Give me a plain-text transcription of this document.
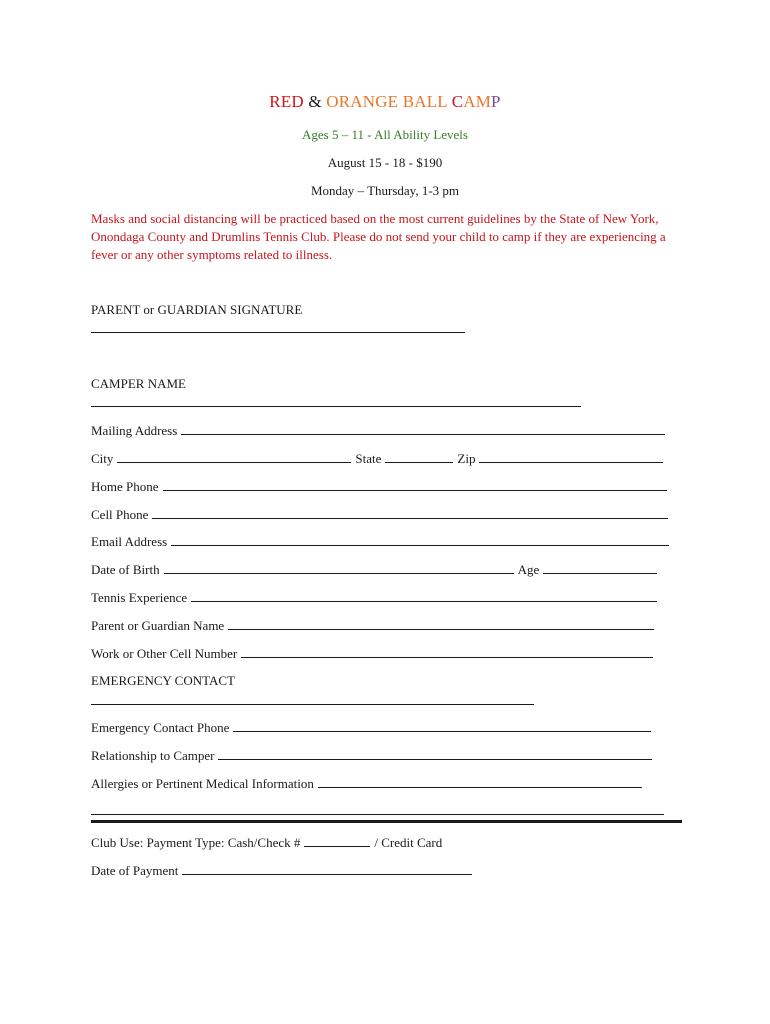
RED & ORANGE BALL CAMP
Ages 5 – 11 - All Ability Levels
August 15 - 18 - $190
Monday – Thursday, 1-3 pm
Masks and social distancing will be practiced based on the most current guidelines by the State of New York, Onondaga County and Drumlins Tennis Club. Please do not send your child to camp if they are experiencing a fever or any other symptoms related to illness.
PARENT or GUARDIAN SIGNATURE
CAMPER NAME
Mailing Address
City	State	Zip
Home Phone
Cell Phone
Email Address
Date of Birth	Age
Tennis Experience
Parent or Guardian Name
Work or Other Cell Number
EMERGENCY CONTACT
Emergency Contact Phone
Relationship to Camper
Allergies or Pertinent Medical Information
Club Use: Payment Type: Cash/Check #	/ Credit Card
Date of Payment
